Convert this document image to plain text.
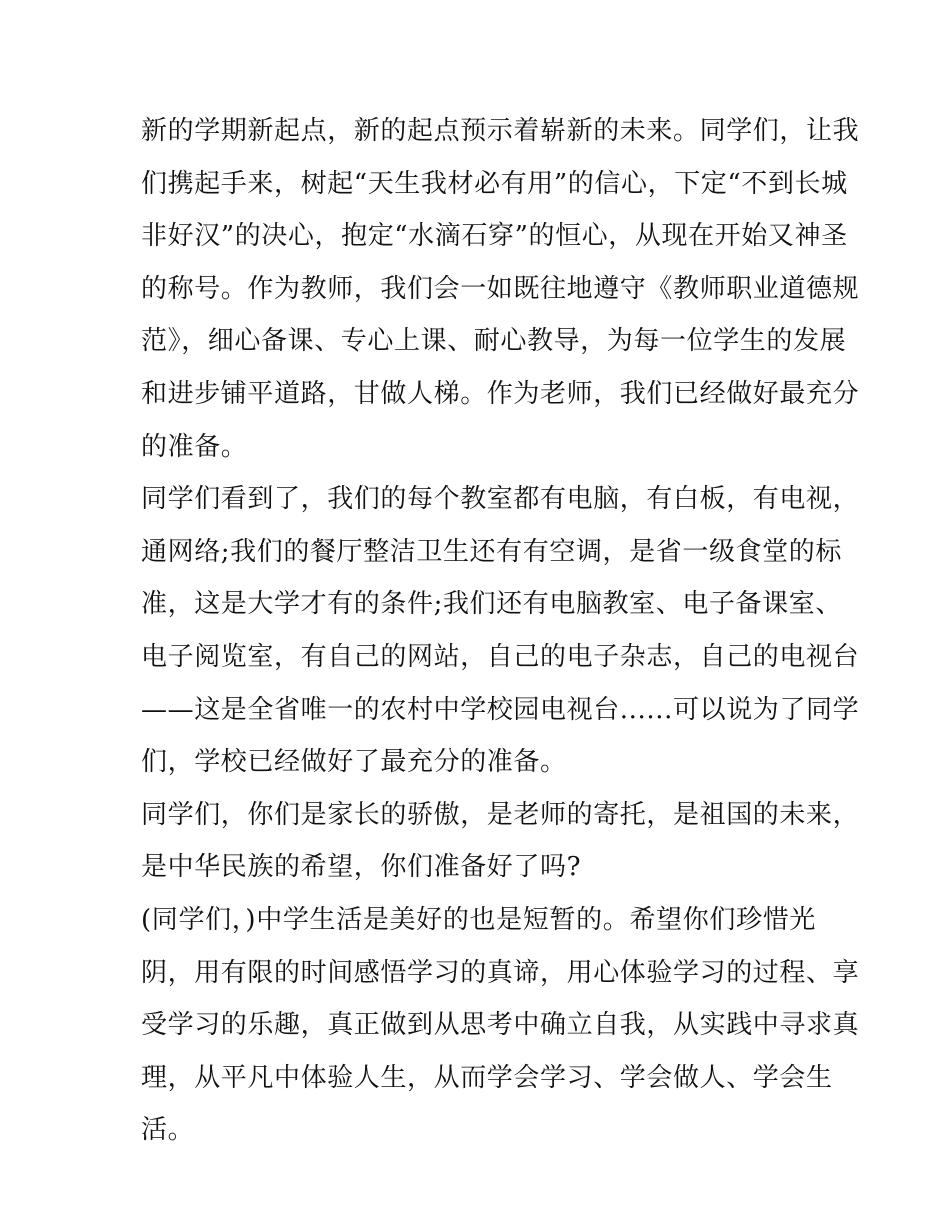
新的学期新起点，新的起点预示着崭新的未来。同学们，让我
们携起手来，树起“天生我材必有用”的信心，下定“不到长城
非好汉”的决心，抱定“水滴石穿”的恒心，从现在开始又神圣
的称号。作为教师，我们会一如既往地遵守《教师职业道德规
范》，细心备课、专心上课、耐心教导，为每一位学生的发展
和进步铺平道路，甘做人梯。作为老师，我们已经做好最充分
的准备。
同学们看到了，我们的每个教室都有电脑，有白板，有电视，
通网络;我们的餐厅整洁卫生还有有空调，是省一级食堂的标
准，这是大学才有的条件;我们还有电脑教室、电子备课室、
电子阅览室，有自己的网站，自己的电子杂志，自己的电视台
——这是全省唯一的农村中学校园电视台......可以说为了同学
们，学校已经做好了最充分的准备。
同学们，你们是家长的骄傲，是老师的寄托，是祖国的未来，
是中华民族的希望，你们准备好了吗?
(同学们，)中学生活是美好的也是短暂的。希望你们珍惜光
阴，用有限的时间感悟学习的真谛，用心体验学习的过程、享
受学习的乐趣，真正做到从思考中确立自我，从实践中寻求真
理，从平凡中体验人生，从而学会学习、学会做人、学会生
活。
